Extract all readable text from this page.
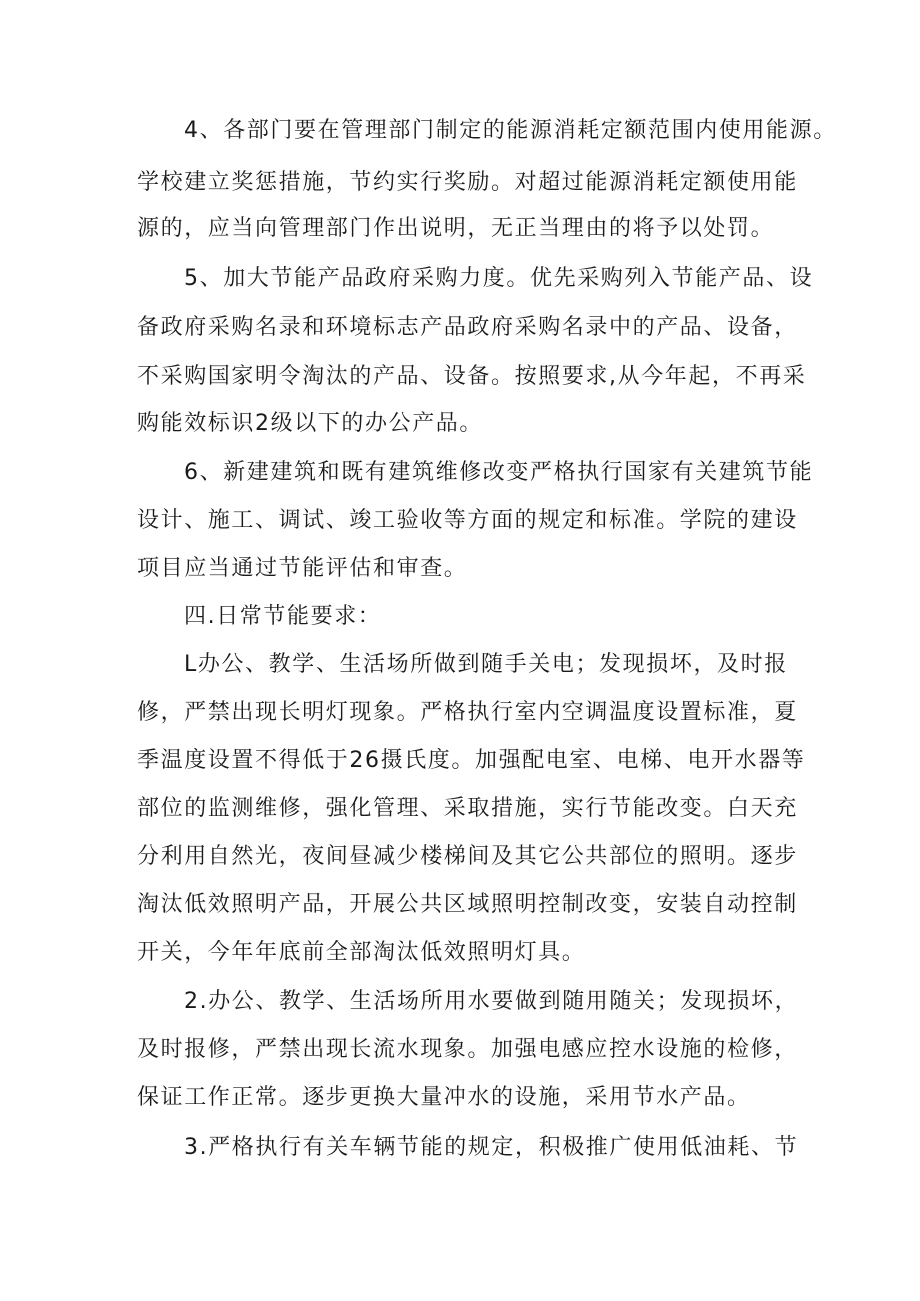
4、各部门要在管理部门制定的能源消耗定额范围内使用能源。

学校建立奖惩措施，节约实行奖励。对超过能源消耗定额使用能

源的，应当向管理部门作出说明，无正当理由的将予以处罚。

5、加大节能产品政府采购力度。优先采购列入节能产品、设

备政府采购名录和环境标志产品政府采购名录中的产品、设备，

不采购国家明令淘汰的产品、设备。按照要求,从今年起，不再采

购能效标识2级以下的办公产品。

6、新建建筑和既有建筑维修改变严格执行国家有关建筑节能

设计、施工、调试、竣工验收等方面的规定和标准。学院的建设

项目应当通过节能评估和审查。

四.日常节能要求：

L办公、教学、生活场所做到随手关电；发现损坏，及时报

修，严禁出现长明灯现象。严格执行室内空调温度设置标准，夏

季温度设置不得低于26摄氏度。加强配电室、电梯、电开水器等

部位的监测维修，强化管理、采取措施，实行节能改变。白天充

分利用自然光，夜间昼减少楼梯间及其它公共部位的照明。逐步

淘汰低效照明产品，开展公共区域照明控制改变，安装自动控制

开关，今年年底前全部淘汰低效照明灯具。

2.办公、教学、生活场所用水要做到随用随关；发现损坏，

及时报修，严禁出现长流水现象。加强电感应控水设施的检修，

保证工作正常。逐步更换大量冲水的设施，采用节水产品。

3.严格执行有关车辆节能的规定，积极推广使用低油耗、节
